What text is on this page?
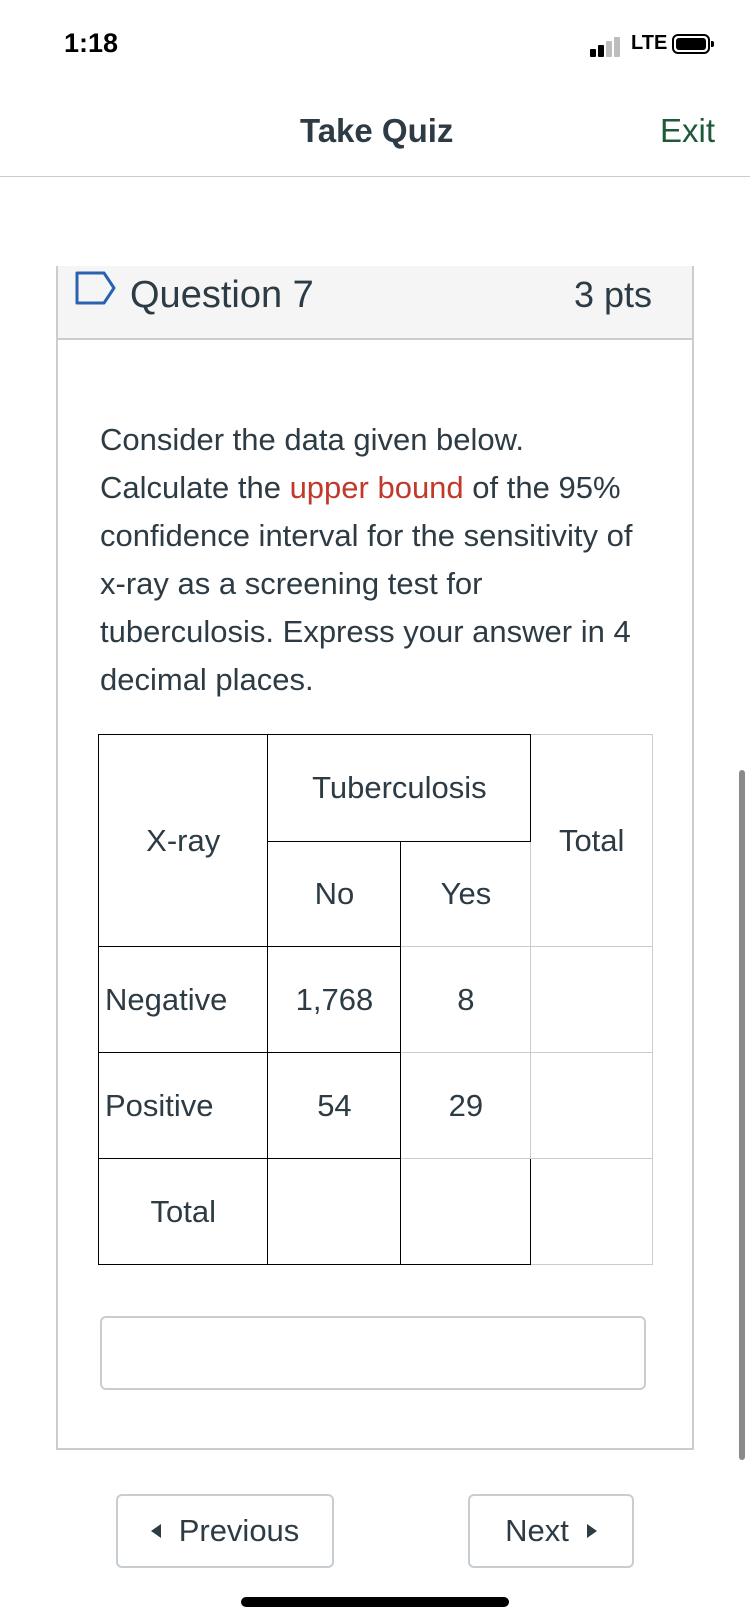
1:18	LTE
Take Quiz	Exit
Question 7	3 pts
Consider the data given below. Calculate the upper bound of the 95% confidence interval for the sensitivity of x-ray as a screening test for tuberculosis. Express your answer in 4 decimal places.
X-ray	Tuberculosis		Total
	No	Yes	
Negative	1,768	8	
Positive	54	29	
Total			
Previous	Next
